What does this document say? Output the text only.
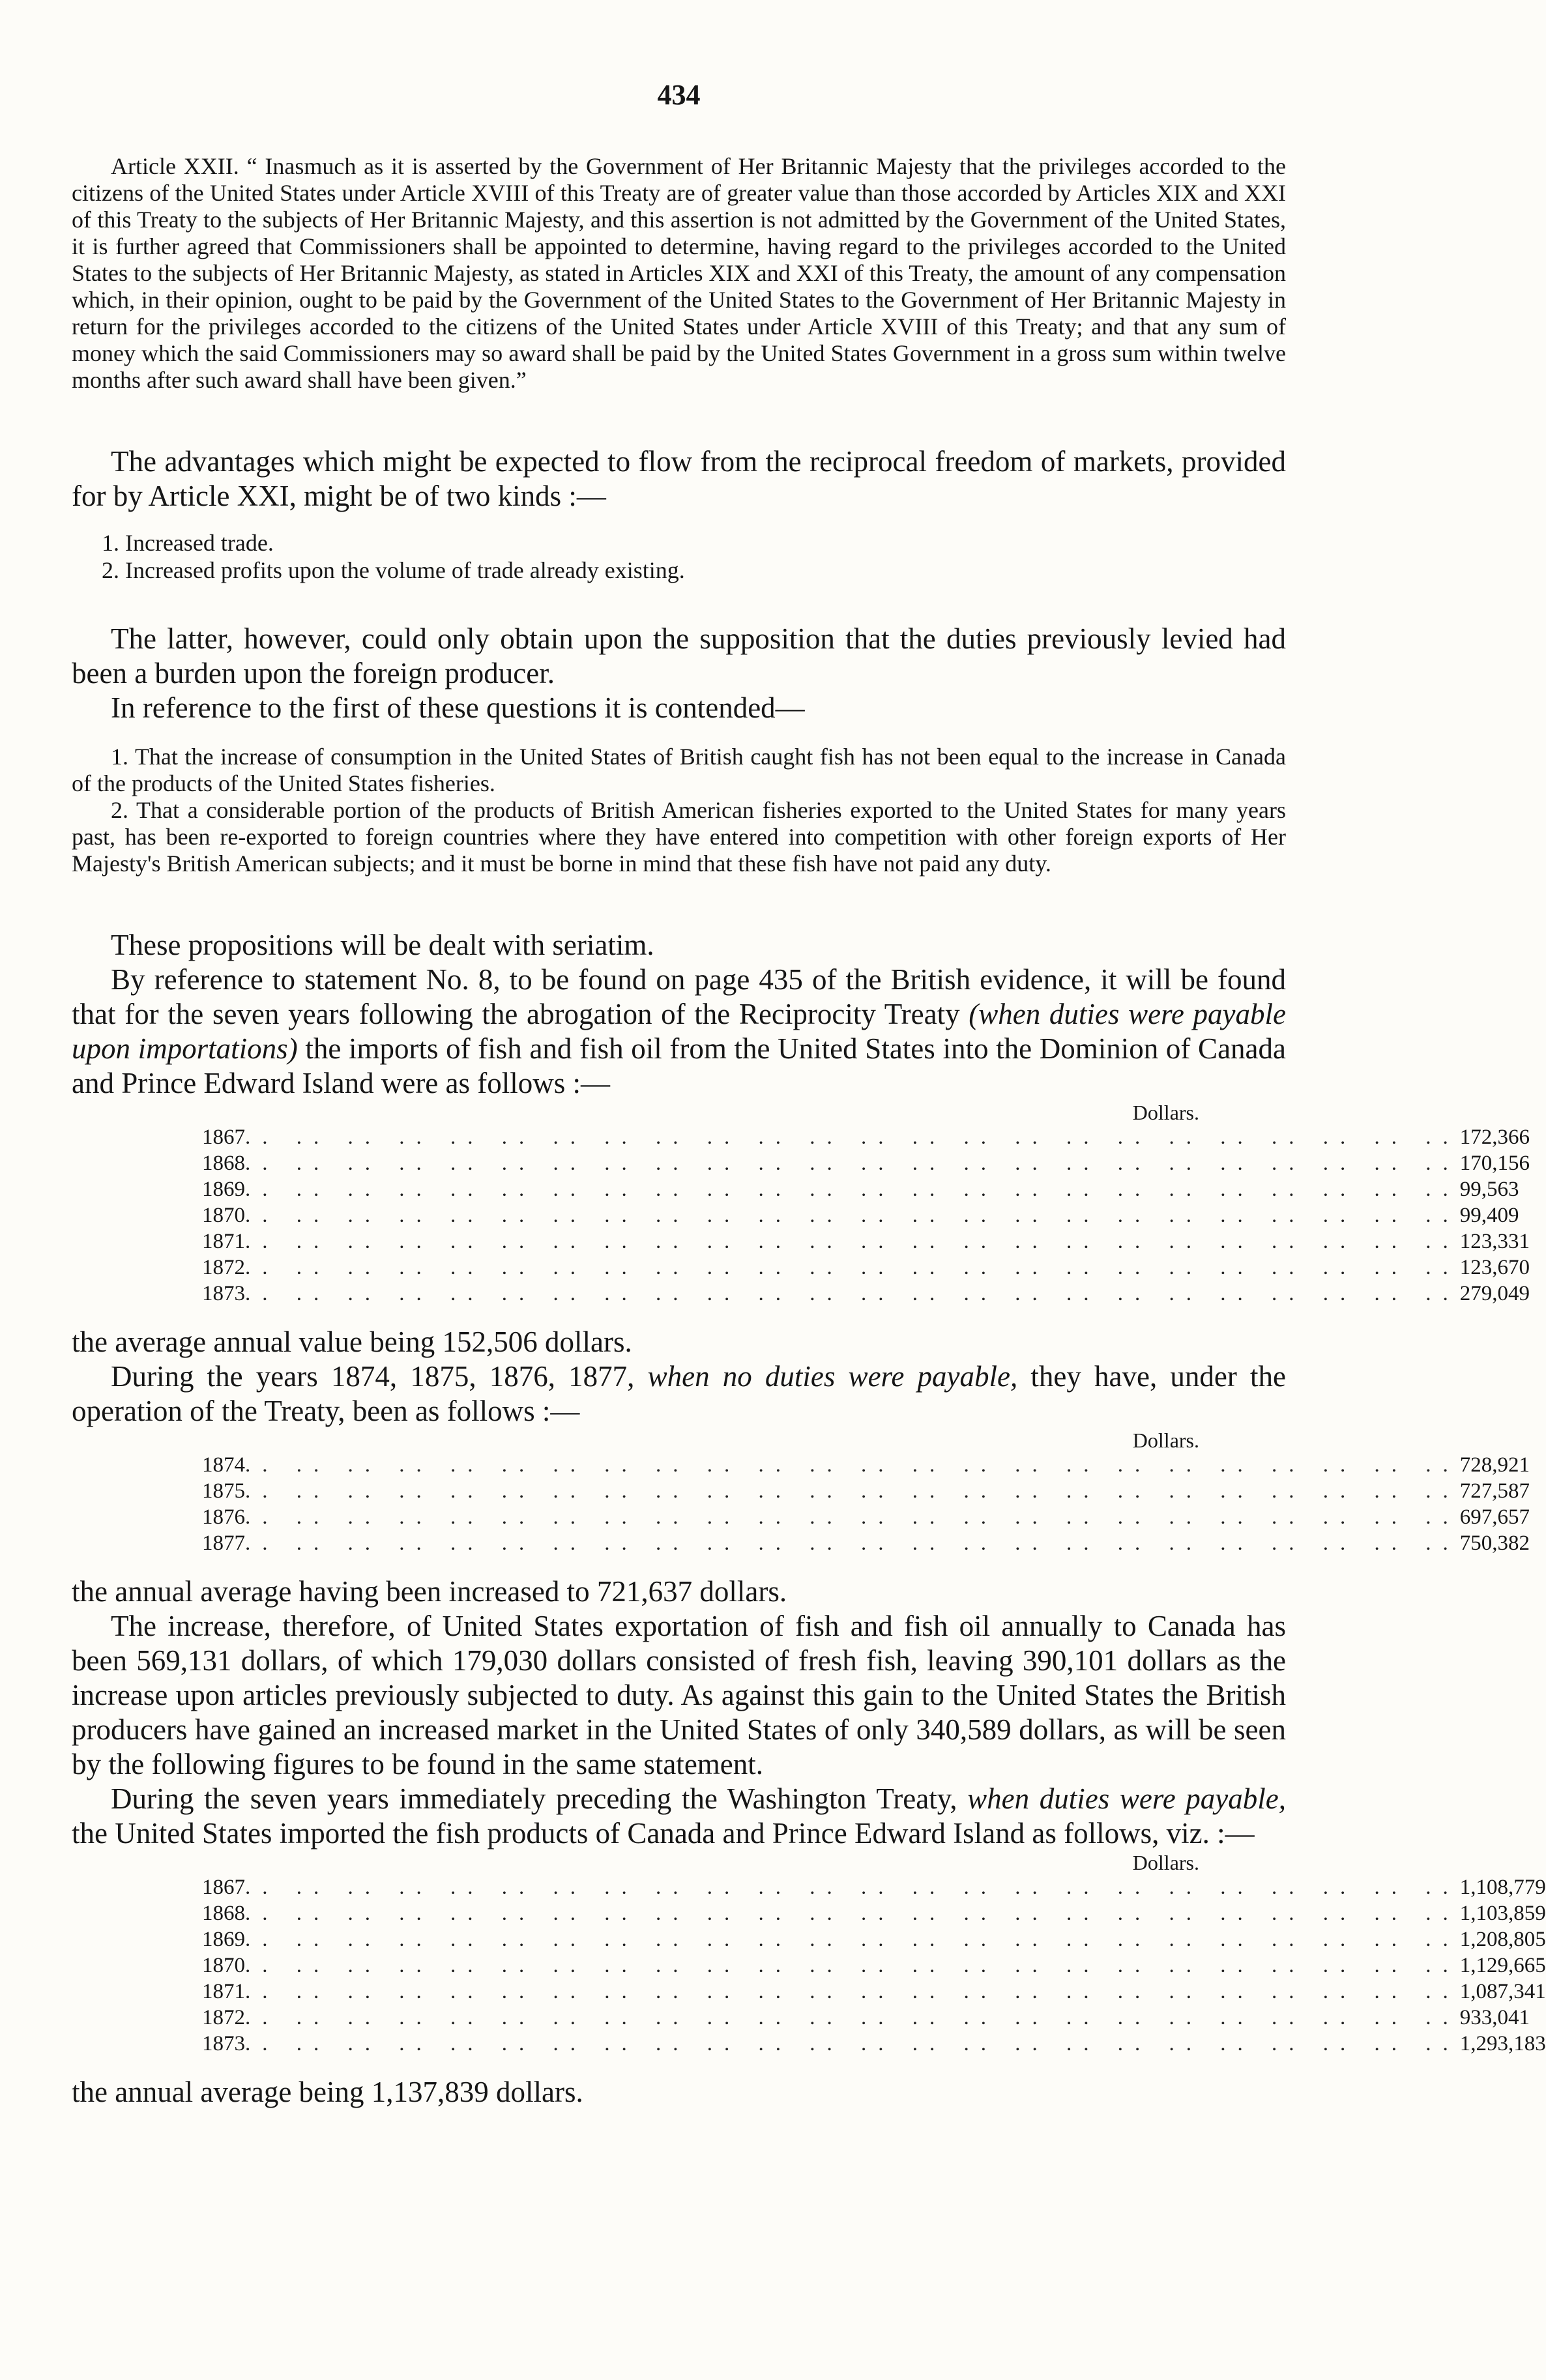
434

Article XXII. “ Inasmuch as it is asserted by the Government of Her Britannic Majesty that the privileges accorded to the citizens of the United States under Article XVIII of this Treaty are of greater value than those accorded by Articles XIX and XXI of this Treaty to the subjects of Her Britannic Majesty, and this assertion is not admitted by the Government of the United States, it is further agreed that Commissioners shall be appointed to determine, having regard to the privileges accorded to the United States to the subjects of Her Britannic Majesty, as stated in Articles XIX and XXI of this Treaty, the amount of any compensation which, in their opinion, ought to be paid by the Government of the United States to the Government of Her Britannic Majesty in return for the privileges accorded to the citizens of the United States under Article XVIII of this Treaty; and that any sum of money which the said Commissioners may so award shall be paid by the United States Government in a gross sum within twelve months after such award shall have been given.”

The advantages which might be expected to flow from the reciprocal freedom of markets, provided for by Article XXI, might be of two kinds :—

1. Increased trade.
2. Increased profits upon the volume of trade already existing.

The latter, however, could only obtain upon the supposition that the duties previously levied had been a burden upon the foreign producer.

In reference to the first of these questions it is contended—

1. That the increase of consumption in the United States of British caught fish has not been equal to the increase in Canada of the products of the United States fisheries.

2. That a considerable portion of the products of British American fisheries exported to the United States for many years past, has been re-exported to foreign countries where they have entered into competition with other foreign exports of Her Majesty's British American subjects; and it must be borne in mind that these fish have not paid any duty.

These propositions will be dealt with seriatim.

By reference to statement No. 8, to be found on page 435 of the British evidence, it will be found that for the seven years following the abrogation of the Reciprocity Treaty (when duties were payable upon importations) the imports of fish and fish oil from the United States into the Dominion of Canada and Prince Edward Island were as follows :—

Dollars.
1867 .. .. .. .. .. .. .. .. .. .. .. .. .. .. .. .. .. .. .. .. .. .. .. .. 172,366
1868 .. .. .. .. .. .. .. .. .. .. .. .. .. .. .. .. .. .. .. .. .. .. .. .. 170,156
1869 .. .. .. .. .. .. .. .. .. .. .. .. .. .. .. .. .. .. .. .. .. .. .. .. 99,563
1870 .. .. .. .. .. .. .. .. .. .. .. .. .. .. .. .. .. .. .. .. .. .. .. .. 99,409
1871 .. .. .. .. .. .. .. .. .. .. .. .. .. .. .. .. .. .. .. .. .. .. .. .. 123,331
1872 .. .. .. .. .. .. .. .. .. .. .. .. .. .. .. .. .. .. .. .. .. .. .. .. 123,670
1873 .. .. .. .. .. .. .. .. .. .. .. .. .. .. .. .. .. .. .. .. .. .. .. .. 279,049

the average annual value being 152,506 dollars.

During the years 1874, 1875, 1876, 1877, when no duties were payable, they have, under the operation of the Treaty, been as follows :—

Dollars.
1874 .. .. .. .. .. .. .. .. .. .. .. .. .. .. .. .. .. .. .. .. .. .. .. .. 728,921
1875 .. .. .. .. .. .. .. .. .. .. .. .. .. .. .. .. .. .. .. .. .. .. .. .. 727,587
1876 .. .. .. .. .. .. .. .. .. .. .. .. .. .. .. .. .. .. .. .. .. .. .. .. 697,657
1877 .. .. .. .. .. .. .. .. .. .. .. .. .. .. .. .. .. .. .. .. .. .. .. .. 750,382

the annual average having been increased to 721,637 dollars.

The increase, therefore, of United States exportation of fish and fish oil annually to Canada has been 569,131 dollars, of which 179,030 dollars consisted of fresh fish, leaving 390,101 dollars as the increase upon articles previously subjected to duty. As against this gain to the United States the British producers have gained an increased market in the United States of only 340,589 dollars, as will be seen by the following figures to be found in the same statement.

During the seven years immediately preceding the Washington Treaty, when duties were payable, the United States imported the fish products of Canada and Prince Edward Island as follows, viz. :—

Dollars.
1867 .. .. .. .. .. .. .. .. .. .. .. .. .. .. .. .. .. .. .. .. .. .. .. .. 1,108,779
1868 .. .. .. .. .. .. .. .. .. .. .. .. .. .. .. .. .. .. .. .. .. .. .. .. 1,103,859
1869 .. .. .. .. .. .. .. .. .. .. .. .. .. .. .. .. .. .. .. .. .. .. .. .. 1,208,805
1870 .. .. .. .. .. .. .. .. .. .. .. .. .. .. .. .. .. .. .. .. .. .. .. .. 1,129,665
1871 .. .. .. .. .. .. .. .. .. .. .. .. .. .. .. .. .. .. .. .. .. .. .. .. 1,087,341
1872 .. .. .. .. .. .. .. .. .. .. .. .. .. .. .. .. .. .. .. .. .. .. .. .. 933,041
1873 .. .. .. .. .. .. .. .. .. .. .. .. .. .. .. .. .. .. .. .. .. .. .. .. 1,293,183

the annual average being 1,137,839 dollars.
